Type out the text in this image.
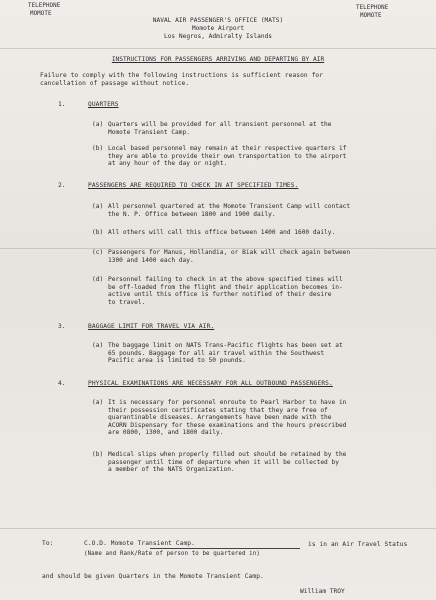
TELEPHONE
MOMOTE
TELEPHONE
MOMOTE
NAVAL AIR PASSENGER'S OFFICE (MATS)
Momote Airport
Los Negros, Admiralty Islands
INSTRUCTIONS FOR PASSENGERS ARRIVING AND DEPARTING BY AIR
Failure to comply with the following instructions is sufficient reason for
cancellation of passage without notice.
1.	QUARTERS
(a) Quarters will be provided for all transient personnel at the
Momote Transient Camp.
(b) Local based personnel may remain at their respective quarters if
they are able to provide their own transportation to the airport
at any hour of the day or night.
2.	PASSENGERS ARE REQUIRED TO CHECK IN AT SPECIFIED TIMES.
(a) All personnel quartered at the Momote Transient Camp will contact
the N. P. Office between 1800 and 1900 daily.
(b) All others will call this office between 1400 and 1600 daily.
(c) Passengers for Manus, Hollandia, or Biak will check again between
1300 and 1400 each day.
(d) Personnel failing to check in at the above specified times will
be off-loaded from the flight and their application becomes in-
active until this office is further notified of their desire
to travel.
3.	BAGGAGE LIMIT FOR TRAVEL VIA AIR.
(a) The baggage limit on NATS Trans-Pacific flights has been set at
65 pounds. Baggage for all air travel within the Southwest
Pacific area is limited to 50 pounds.
4.	PHYSICAL EXAMINATIONS ARE NECESSARY FOR ALL OUTBOUND PASSENGERS.
(a) It is necessary for personnel enroute to Pearl Harbor to have in
their possession certificates stating that they are free of
quarantinable diseases. Arrangements have been made with the
ACORN Dispensary for these examinations and the hours prescribed
are 0800, 1300, and 1800 daily.
(b) Medical slips when properly filled out should be retained by the
passenger until time of departure when it will be collected by
a member of the NATS Organization.
To:	C.O.D. Momote Transient Camp.	is in an Air Travel Status
(Name and Rank/Rate of person to be quartered in)
and should be given Quarters in the Momote Transient Camp.
William TROY
